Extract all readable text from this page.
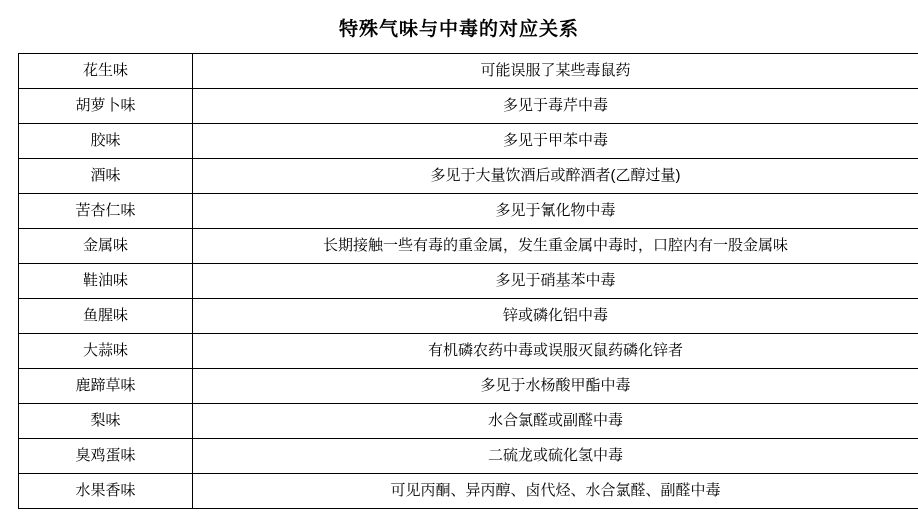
特殊气味与中毒的对应关系
花生味	可能误服了某些毒鼠药
胡萝卜味	多见于毒芹中毒
胶味	多见于甲苯中毒
酒味	多见于大量饮酒后或醉酒者(乙醇过量)
苦杏仁味	多见于氰化物中毒
金属味	长期接触一些有毒的重金属，发生重金属中毒时，口腔内有一股金属味
鞋油味	多见于硝基苯中毒
鱼腥味	锌或磷化铝中毒
大蒜味	有机磷农药中毒或误服灭鼠药磷化锌者
鹿蹄草味	多见于水杨酸甲酯中毒
梨味	水合氯醛或副醛中毒
臭鸡蛋味	二硫龙或硫化氢中毒
水果香味	可见丙酮、异丙醇、卤代烃、水合氯醛、副醛中毒
